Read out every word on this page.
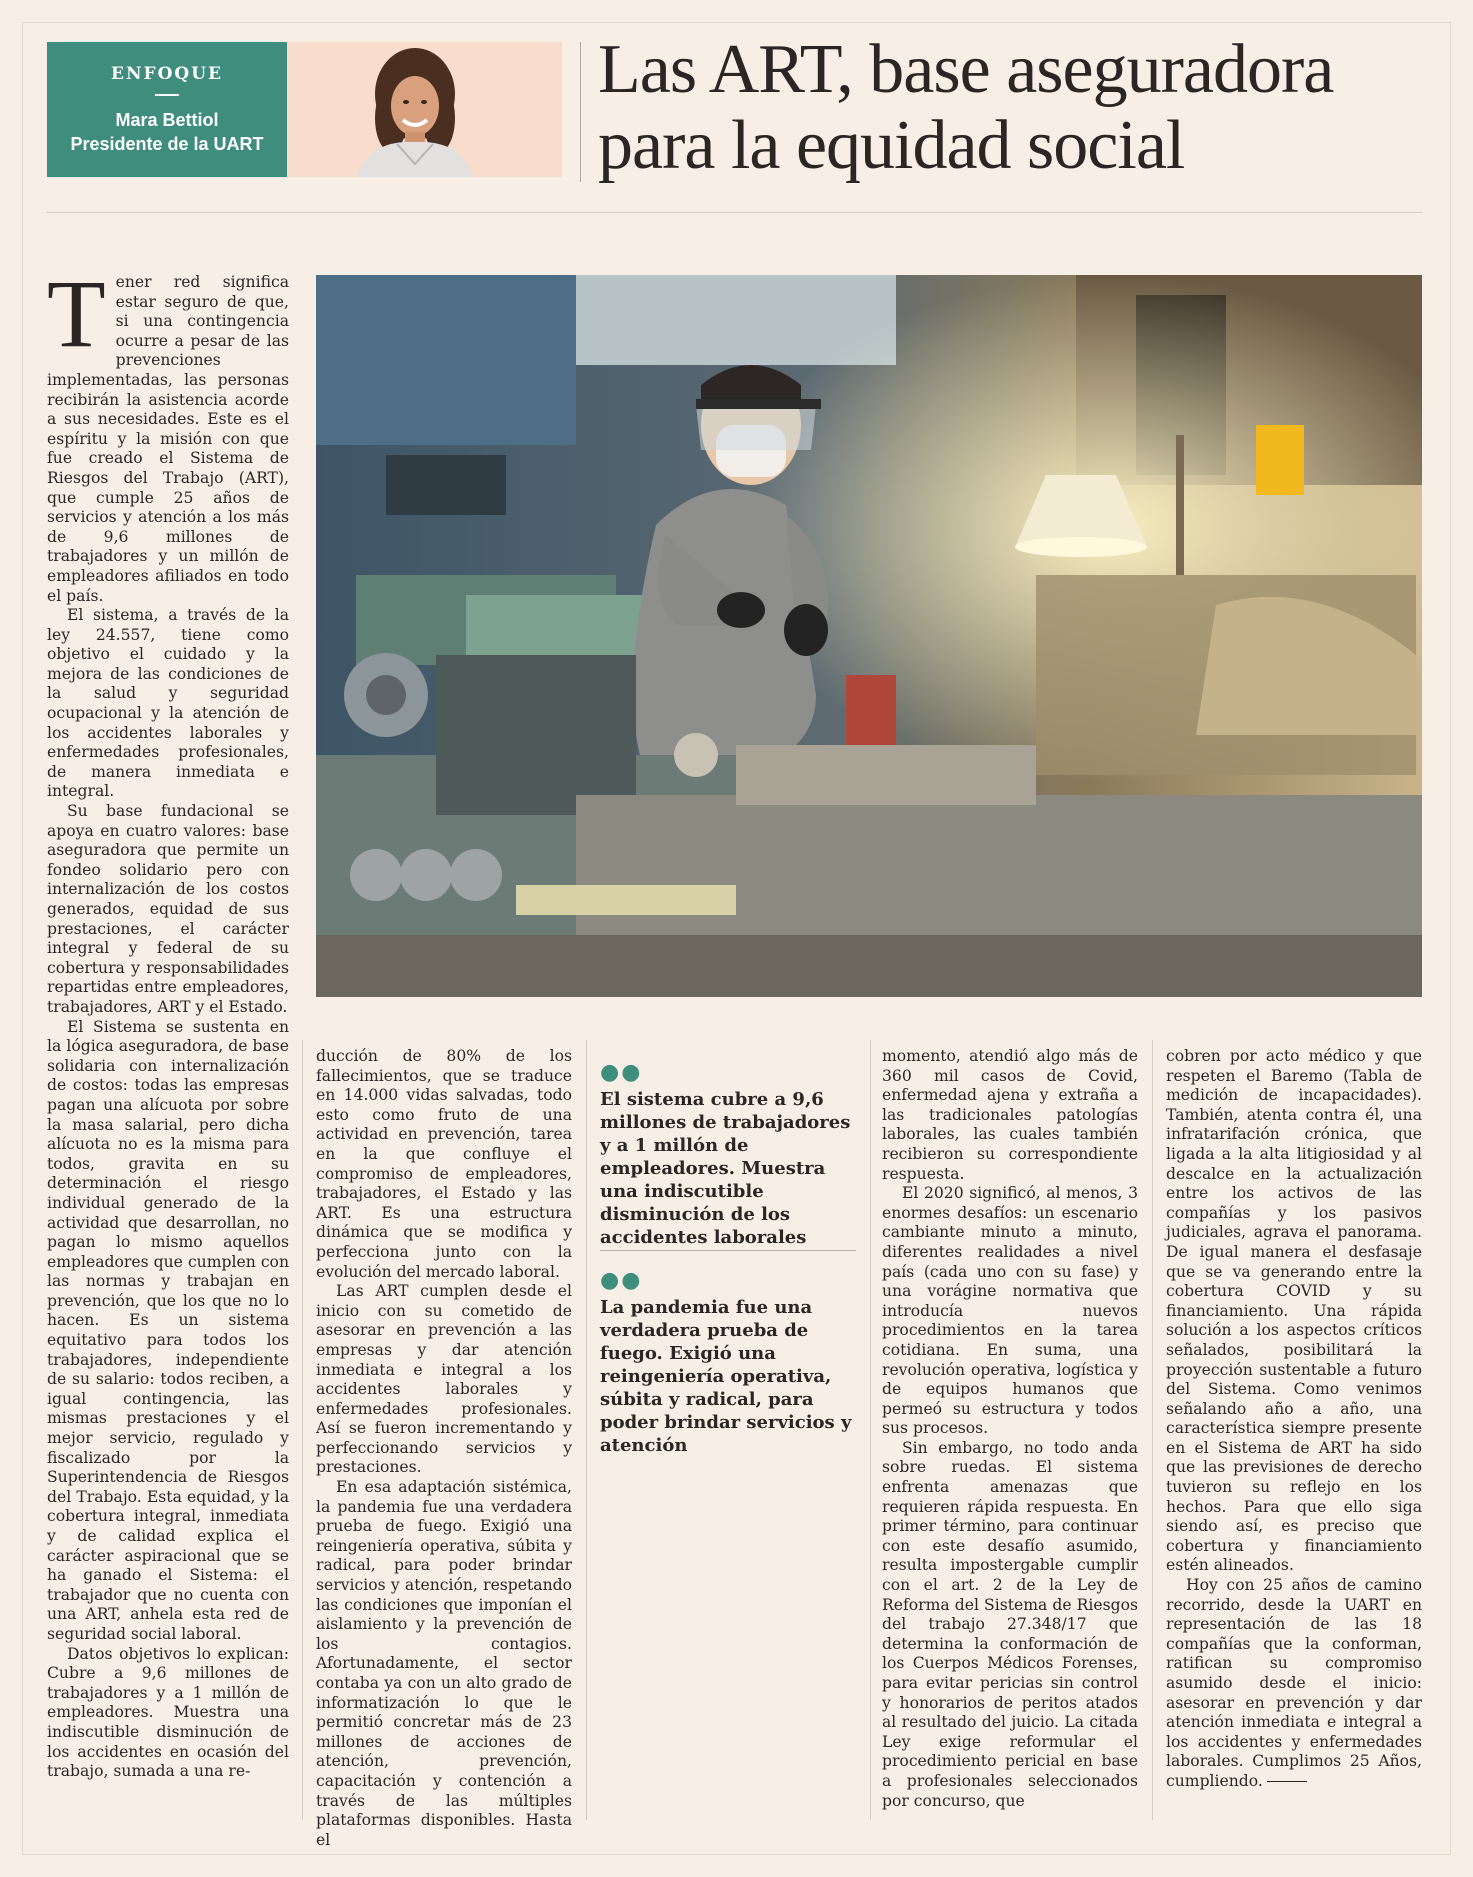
ENFOQUE
Mara Bettiol
Presidente de la UART
Las ART, base aseguradora para la equidad social

Tener red significa estar seguro de que, si una contingencia ocurre a pesar de las prevenciones implementadas, las personas recibirán la asistencia acorde a sus necesidades. Este es el espíritu y la misión con que fue creado el Sistema de Riesgos del Trabajo (ART), que cumple 25 años de servicios y atención a los más de 9,6 millones de trabajadores y un millón de empleadores afiliados en todo el país.

El sistema, a través de la ley 24.557, tiene como objetivo el cuidado y la mejora de las condiciones de la salud y seguridad ocupacional y la atención de los accidentes laborales y enfermedades profesionales, de manera inmediata e integral.

Su base fundacional se apoya en cuatro valores: base aseguradora que permite un fondeo solidario pero con internalización de los costos generados, equidad de sus prestaciones, el carácter integral y federal de su cobertura y responsabilidades repartidas entre empleadores, trabajadores, ART y el Estado.

El Sistema se sustenta en la lógica aseguradora, de base solidaria con internalización de costos: todas las empresas pagan una alícuota por sobre la masa salarial, pero dicha alícuota no es la misma para todos, gravita en su determinación el riesgo individual generado de la actividad que desarrollan, no pagan lo mismo aquellos empleadores que cumplen con las normas y trabajan en prevención, que los que no lo hacen. Es un sistema equitativo para todos los trabajadores, independiente de su salario: todos reciben, a igual contingencia, las mismas prestaciones y el mejor servicio, regulado y fiscalizado por la Superintendencia de Riesgos del Trabajo. Esta equidad, y la cobertura integral, inmediata y de calidad explica el carácter aspiracional que se ha ganado el Sistema: el trabajador que no cuenta con una ART, anhela esta red de seguridad social laboral.

Datos objetivos lo explican: Cubre a 9,6 millones de trabajadores y a 1 millón de empleadores. Muestra una indiscutible disminución de los accidentes en ocasión del trabajo, sumada a una re-

ducción de 80% de los fallecimientos, que se traduce en 14.000 vidas salvadas, todo esto como fruto de una actividad en prevención, tarea en la que confluye el compromiso de empleadores, trabajadores, el Estado y las ART. Es una estructura dinámica que se modifica y perfecciona junto con la evolución del mercado laboral.

Las ART cumplen desde el inicio con su cometido de asesorar en prevención a las empresas y dar atención inmediata e integral a los accidentes laborales y enfermedades profesionales. Así se fueron incrementando y perfeccionando servicios y prestaciones.

En esa adaptación sistémica, la pandemia fue una verdadera prueba de fuego. Exigió una reingeniería operativa, súbita y radical, para poder brindar servicios y atención, respetando las condiciones que imponían el aislamiento y la prevención de los contagios. Afortunadamente, el sector contaba ya con un alto grado de informatización lo que le permitió concretar más de 23 millones de acciones de atención, prevención, capacitación y contención a través de las múltiples plataformas disponibles. Hasta el

●●
El sistema cubre a 9,6 millones de trabajadores y a 1 millón de empleadores. Muestra una indiscutible disminución de los accidentes laborales
●●
La pandemia fue una verdadera prueba de fuego. Exigió una reingeniería operativa, súbita y radical, para poder brindar servicios y atención

momento, atendió algo más de 360 mil casos de Covid, enfermedad ajena y extraña a las tradicionales patologías laborales, las cuales también recibieron su correspondiente respuesta.

El 2020 significó, al menos, 3 enormes desafíos: un escenario cambiante minuto a minuto, diferentes realidades a nivel país (cada uno con su fase) y una vorágine normativa que introducía nuevos procedimientos en la tarea cotidiana. En suma, una revolución operativa, logística y de equipos humanos que permeó su estructura y todos sus procesos.

Sin embargo, no todo anda sobre ruedas. El sistema enfrenta amenazas que requieren rápida respuesta. En primer término, para continuar con este desafío asumido, resulta impostergable cumplir con el art. 2 de la Ley de Reforma del Sistema de Riesgos del trabajo 27.348/17 que determina la conformación de los Cuerpos Médicos Forenses, para evitar pericias sin control y honorarios de peritos atados al resultado del juicio. La citada Ley exige reformular el procedimiento pericial en base a profesionales seleccionados por concurso, que

cobren por acto médico y que respeten el Baremo (Tabla de medición de incapacidades). También, atenta contra él, una infratarifación crónica, que ligada a la alta litigiosidad y al descalce en la actualización entre los activos de las compañías y los pasivos judiciales, agrava el panorama. De igual manera el desfasaje que se va generando entre la cobertura COVID y su financiamiento. Una rápida solución a los aspectos críticos señalados, posibilitará la proyección sustentable a futuro del Sistema. Como venimos señalando año a año, una característica siempre presente en el Sistema de ART ha sido que las previsiones de derecho tuvieron su reflejo en los hechos. Para que ello siga siendo así, es preciso que cobertura y financiamiento estén alineados.

Hoy con 25 años de camino recorrido, desde la UART en representación de las 18 compañías que la conforman, ratifican su compromiso asumido desde el inicio: asesorar en prevención y dar atención inmediata e integral a los accidentes y enfermedades laborales. Cumplimos 25 Años, cumpliendo.
